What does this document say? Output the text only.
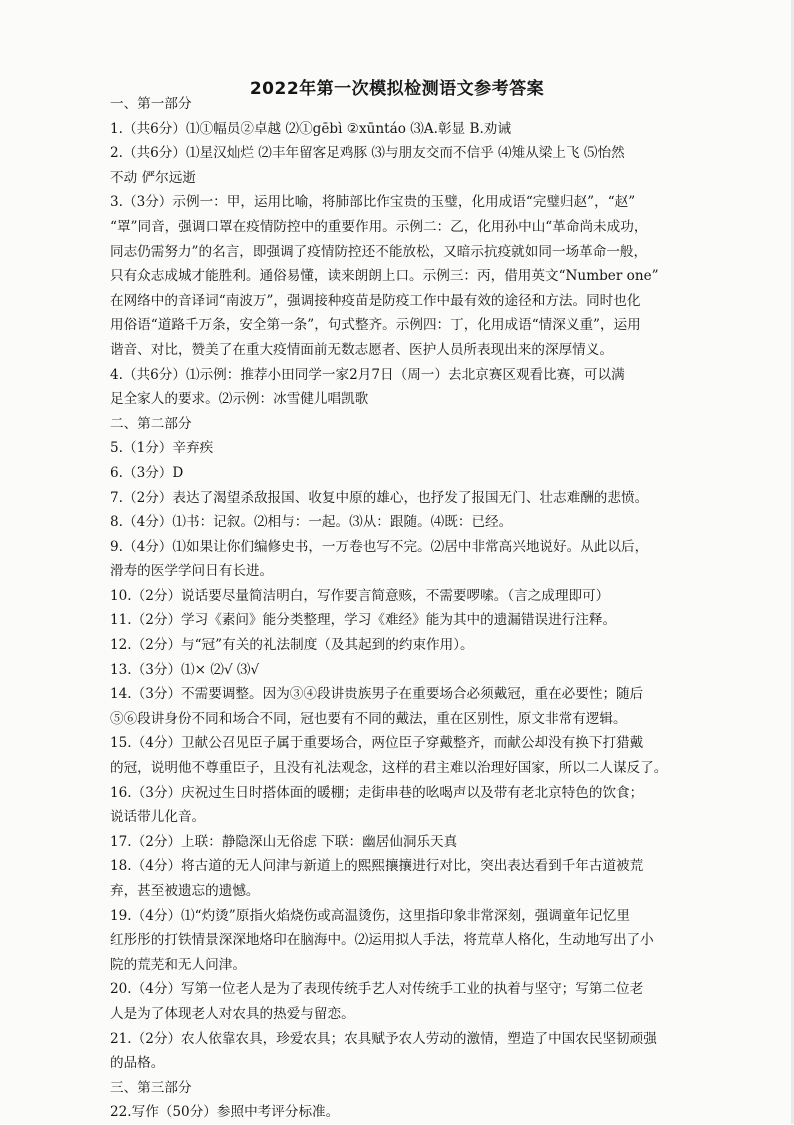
2022年第一次模拟检测语文参考答案
一、第一部分
1.（共6分）⑴①幅员②卓越 ⑵①gēbì ②xūntáo ⑶A.彰显 B.劝诫
2.（共6分）⑴星汉灿烂 ⑵丰年留客足鸡豚 ⑶与朋友交而不信乎 ⑷雉从梁上飞 ⑸怡然
不动 俨尔远逝
3.（3分）示例一：甲，运用比喻，将肺部比作宝贵的玉璧，化用成语“完璧归赵”，“赵”
“罩”同音，强调口罩在疫情防控中的重要作用。示例二：乙，化用孙中山“革命尚未成功，
同志仍需努力”的名言，即强调了疫情防控还不能放松，又暗示抗疫就如同一场革命一般，
只有众志成城才能胜利。通俗易懂，读来朗朗上口。示例三：丙，借用英文“Number one”
在网络中的音译词“南波万”，强调接种疫苗是防疫工作中最有效的途径和方法。同时也化
用俗语“道路千万条，安全第一条”，句式整齐。示例四：丁，化用成语“情深义重”，运用
谐音、对比，赞美了在重大疫情面前无数志愿者、医护人员所表现出来的深厚情义。
4.（共6分）⑴示例：推荐小田同学一家2月7日（周一）去北京赛区观看比赛，可以满
足全家人的要求。⑵示例：冰雪健儿唱凯歌
二、第二部分
5.（1分）辛弃疾
6.（3分）D
7.（2分）表达了渴望杀敌报国、收复中原的雄心，也抒发了报国无门、壮志难酬的悲愤。
8.（4分）⑴书：记叙。⑵相与：一起。⑶从：跟随。⑷既：已经。
9.（4分）⑴如果让你们编修史书，一万卷也写不完。⑵居中非常高兴地说好。从此以后，
滑寿的医学学问日有长进。
10.（2分）说话要尽量简洁明白，写作要言简意赅，不需要啰嗦。（言之成理即可）
11.（2分）学习《素问》能分类整理，学习《难经》能为其中的遗漏错误进行注释。
12.（2分）与“冠”有关的礼法制度（及其起到的约束作用）。
13.（3分）⑴× ⑵√ ⑶√
14.（3分）不需要调整。因为③④段讲贵族男子在重要场合必须戴冠，重在必要性；随后
⑤⑥段讲身份不同和场合不同，冠也要有不同的戴法，重在区别性，原文非常有逻辑。
15.（4分）卫献公召见臣子属于重要场合，两位臣子穿戴整齐，而献公却没有换下打猎戴
的冠，说明他不尊重臣子，且没有礼法观念，这样的君主难以治理好国家，所以二人谋反了。
16.（3分）庆祝过生日时搭体面的暖棚；走街串巷的吆喝声以及带有老北京特色的饮食；
说话带儿化音。
17.（2分）上联：静隐深山无俗虑 下联：幽居仙洞乐天真
18.（4分）将古道的无人问津与新道上的熙熙攘攘进行对比，突出表达看到千年古道被荒
弃，甚至被遗忘的遗憾。
19.（4分）⑴“灼烫”原指火焰烧伤或高温烫伤，这里指印象非常深刻，强调童年记忆里
红彤彤的打铁情景深深地烙印在脑海中。⑵运用拟人手法，将荒草人格化，生动地写出了小
院的荒芜和无人问津。
20.（4分）写第一位老人是为了表现传统手艺人对传统手工业的执着与坚守；写第二位老
人是为了体现老人对农具的热爱与留恋。
21.（2分）农人依靠农具，珍爱农具；农具赋予农人劳动的激情，塑造了中国农民坚韧顽强
的品格。
三、第三部分
22.写作（50分）参照中考评分标准。
